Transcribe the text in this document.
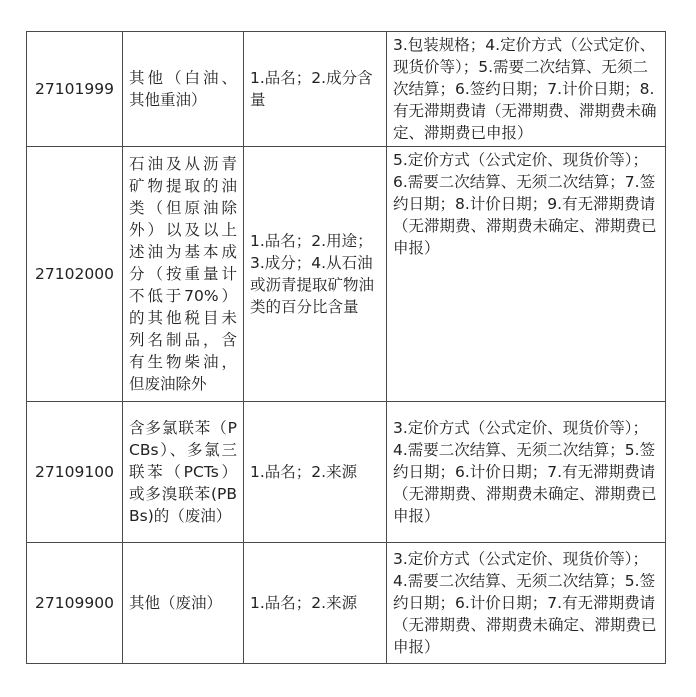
27101999	其他（白油、其他重油）	1.品名；2.成分含量	3.包装规格；4.定价方式（公式定价、现货价等）；5.需要二次结算、无须二次结算；6.签约日期；7.计价日期；8.有无滞期费请（无滞期费、滞期费未确定、滞期费已申报）
27102000	石油及从沥青矿物提取的油类（但原油除外）以及以上述油为基本成分（按重量计不低于70%）的其他税目未列名制品，含有生物柴油，但废油除外	1.品名；2.用途；3.成分；4.从石油或沥青提取矿物油类的百分比含量	5.定价方式（公式定价、现货价等）；6.需要二次结算、无须二次结算；7.签约日期；8.计价日期；9.有无滞期费请（无滞期费、滞期费未确定、滞期费已申报）
27109100	含多氯联苯（PCBs）、多氯三联苯（PCTs）或多溴联苯(PBBs)的（废油）	1.品名；2.来源	3.定价方式（公式定价、现货价等）；4.需要二次结算、无须二次结算；5.签约日期；6.计价日期；7.有无滞期费请（无滞期费、滞期费未确定、滞期费已申报）
27109900	其他（废油）	1.品名；2.来源	3.定价方式（公式定价、现货价等）；4.需要二次结算、无须二次结算；5.签约日期；6.计价日期；7.有无滞期费请（无滞期费、滞期费未确定、滞期费已申报）
